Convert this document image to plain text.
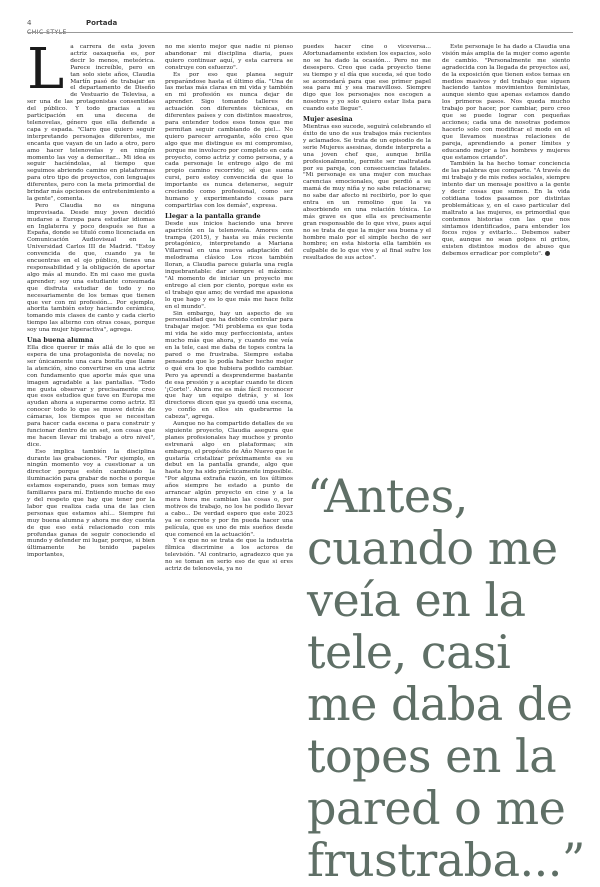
4
CHIC STYLE
Portada

L a carrera de esta joven actriz oaxaqueña es, por decir lo menos, meteórica. Parece increíble, pero en tan solo siete años, Claudia Martín pasó de trabajar en el departamento de Diseño de Vestuario de Televisa, a ser una de las protagonistas consentidas del público. Y todo gracias a su participación en una decena de telenovelas, género que ella defiende a capa y espada. "Claro que quiero seguir interpretando personajes diferentes, me encanta que vayan de un lado a otro, pero amo hacer telenovelas y en ningún momento las voy a demeritar... Mi idea es seguir haciéndolas, al tiempo que seguimos abriendo camino en plataformas para otro tipo de proyectos, con lenguajes diferentes, pero con la meta primordial de brindar más opciones de entretenimiento a la gente", comenta.

Pero Claudia no es ninguna improvisada. Desde muy joven decidió mudarse a Europa para estudiar idiomas en Inglaterra y poco después se fue a España, donde se tituló como licenciada en Comunicación Audiovisual en la Universidad Carlos III de Madrid. "Estoy convencida de que, cuando ya te encuentras en el ojo público, tienes una responsabilidad y la obligación de aportar algo más al mundo. En mi caso me gusta aprender; soy una estudiante consumada que disfruta estudiar de todo y no necesariamente de los temas que tienen que ver con mi profesión... Por ejemplo, ahorita también estoy haciendo cerámica, tomando mis clases de canto y cada cierto tiempo las alterno con otras cosas, porque soy una mujer hiperactiva", agrega.

Una buena alumna

Ella dice querer ir más allá de lo que se espera de una protagonista de novela; no ser únicamente una cara bonita que llame la atención, sino convertirse en una actriz con fundamento que aporte más que una imagen agradable a las pantallas. "Todo me gusta observar y precisamente creo que esos estudios que tuve en Europa me ayudan ahora a superarme como actriz. El conocer todo lo que se mueve detrás de cámaras, los tiempos que se necesitan para hacer cada escena o para construir y funcionar dentro de un set, son cosas que me hacen llevar mi trabajo a otro nivel", dice.

Eso implica también la disciplina durante las grabaciones. "Por ejemplo, en ningún momento voy a cuestionar a un director porque estén cambiando la iluminación para grabar de noche o porque estamos esperando, pues son temas muy familiares para mí. Entiendo mucho de eso y del respeto que hay que tener por la labor que realiza cada una de las cien personas que estamos ahí... Siempre fui muy buena alumna y ahora me doy cuenta de que eso está relacionado con mis profundas ganas de seguir conociendo el mundo y defender mi lugar, porque, si bien últimamente he tenido papeles importantes,

no me siento mejor que nadie ni pienso abandonar mi disciplina diaria, pues quiero continuar aquí, y esta carrera se construye con esfuerzo".

Es por eso que planea seguir preparándose hasta el último día. "Una de las metas más claras en mi vida y también en mi profesión es nunca dejar de aprender. Sigo tomando talleres de actuación con diferentes técnicas, en diferentes países y con distintos maestros, para entender todos esos tonos que me permitan seguir cambiando de piel... No quiero parecer arrogante, sólo creo que algo que me distingue es mi compromiso, porque me involucro por completo en cada proyecto, como actriz y como persona, y a cada personaje le entrego algo de mi propio camino recorrido; sé que suena cursi, pero estoy convencida de que lo importante es nunca detenerse, seguir creciendo como profesional, como ser humano y experimentando cosas para compartirlas con los demás", expresa.

Llegar a la pantalla grande

Desde sus inicios haciendo una breve aparición en la telenovela. Amores con trampa (2015), y hasta su más reciente protagónico, interpretando a Mariana Villarreal en una nueva adaptación del melodrama clásico Los ricos también lloran, a Claudia parece guiarla una regla inquebrantable: dar siempre el máximo: "Al momento de iniciar un proyecto me entrego al cien por ciento, porque este es el trabajo que amo; de verdad me apasiona lo que hago y es lo que más me hace feliz en el mundo".

Sin embargo, hay un aspecto de su personalidad que ha debido controlar para trabajar mejor. "Mi problema es que toda mi vida he sido muy perfeccionista, antes mucho más que ahora, y cuando me veía en la tele, casi me daba de topes contra la pared o me frustraba. Siempre estaba pensando que lo podía haber hecho mejor o qué era lo que hubiera podido cambiar. Pero ya aprendí a desprenderme bastante de esa presión y a aceptar cuando te dicen '¡Corte!'. Ahora me es más fácil reconocer que hay un equipo detrás, y si los directores dicen que ya quedó una escena, yo confío en ellos sin quebrarme la cabeza", agrega.

Aunque no ha compartido detalles de su siguiente proyecto, Claudia asegura que planes profesionales hay muchos y pronto estrenará algo en plataformas; sin embargo, el propósito de Año Nuevo que le gustaría cristalizar próximamente es su debut en la pantalla grande, algo que hasta hoy ha sido prácticamente imposible. "Por alguna extraña razón, en los últimos años siempre he estado a punto de arrancar algún proyecto en cine y a la mera hora me cambian las cosas o, por motivos de trabajo, no los he podido llevar a cabo... De verdad espero que este 2023 ya se concrete y por fin pueda hacer una película, que es uno de mis sueños desde que comencé en la actuación".

Y es que no se trata de que la industria fílmica discrimine a los actores de televisión. "Al contrario, agradezco que ya no se toman en serio eso de que si eres actriz de telenovela, ya no

puedes hacer cine o viceversa... Afortunadamente existen los espacios, solo no se ha dado la ocasión... Pero no me desespero. Creo que cada proyecto tiene su tiempo y el día que suceda, sé que todo se acomodará para que ese primer papel sea para mí y sea maravilloso. Siempre digo que los personajes nos escogen a nosotros y yo solo quiero estar lista para cuando este llegue".

Mujer asesina

Mientras eso sucede, seguirá celebrando el éxito de uno de sus trabajos más recientes y aclamados. Se trata de un episodio de la serie Mujeres asesinas, donde interpreta a una joven chef que, aunque brilla profesionalmente, permite ser maltratada por su pareja, con consecuencias fatales. "Mi personaje es una mujer con muchas carencias emocionales, que perdió a su mamá de muy niña y no sabe relacionarse; no sabe dar afecto ni recibirlo, por lo que entra en un remolino que la va absorbiendo en una relación tóxica. Lo más grave es que ella es precisamente gran responsable de lo que vive, pues aquí no se trata de que la mujer sea buena y el hombre malo por el simple hecho de ser hombre; en esta historia ella también es culpable de lo que vive y al final sufre los resultados de sus actos".

Este personaje le ha dado a Claudia una visión más amplia de la mujer como agente de cambio. "Personalmente me siento agradecida con la llegada de proyectos así, de la exposición que tienen estos temas en medios masivos y del trabajo que siguen haciendo tantos movimientos feministas, aunque siento que apenas estamos dando los primeros pasos. Nos queda mucho trabajo por hacer, por cambiar, pero creo que se puede lograr con pequeñas acciones; cada una de nosotras podemos hacerlo solo con modificar el modo en el que llevamos nuestras relaciones de pareja, aprendiendo a poner límites y educando mejor a los hombres y mujeres que estamos criando".

También la ha hecho tomar conciencia de las palabras que comparte. "A través de mi trabajo y de mis redes sociales, siempre intento dar un mensaje positivo a la gente y decir cosas que sumen. En la vida cotidiana todos pasamos por distintas problemáticas y, en el caso particular del maltrato a las mujeres, es primordial que contemos historias con las que nos sintamos identificados, para entender los focos rojos y evitarlo... Debemos saber que, aunque no sean golpes ni gritos, existen distintos modos de abuso que debemos erradicar por completo".

“Antes, cuando me veía en la tele, casi me daba de topes en la pared o me frustraba...”
